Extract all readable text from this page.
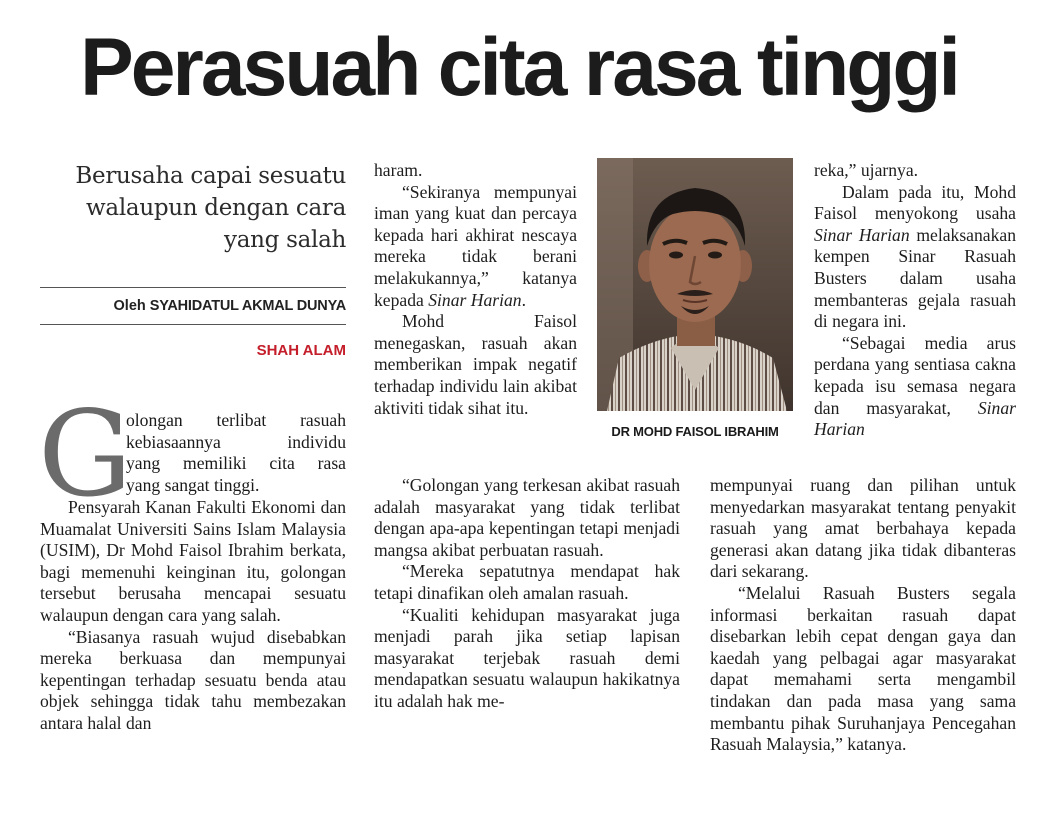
Perasuah cita rasa tinggi
Berusaha capai sesuatu
walaupun dengan cara
yang salah
Oleh SYAHIDATUL AKMAL DUNYA
SHAH ALAM
G
olongan terlibat rasuah
kebiasaannya individu
yang memiliki cita rasa
yang sangat tinggi.

Pensyarah Kanan Fakulti Ekonomi dan Muamalat Universiti Sains Islam Malaysia (USIM), Dr Mohd Faisol Ibrahim berkata, bagi memenuhi keinginan itu, golongan tersebut berusaha mencapai sesuatu walaupun dengan cara yang salah.

“Biasanya rasuah wujud disebabkan mereka berkuasa dan mempunyai kepentingan terhadap sesuatu benda atau objek sehingga tidak tahu membezakan antara halal dan

haram.

“Sekiranya mempunyai iman yang kuat dan percaya kepada hari akhirat nescaya mereka tidak berani melakukannya,” katanya kepada Sinar Harian.

Mohd Faisol menegaskan, rasuah akan memberikan impak negatif terhadap individu lain akibat aktiviti tidak sihat itu.

“Golongan yang terkesan akibat rasuah adalah masyarakat yang tidak terlibat dengan apa-apa kepentingan tetapi menjadi mangsa akibat perbuatan rasuah.

“Mereka sepatutnya mendapat hak tetapi dinafikan oleh amalan rasuah.

“Kualiti kehidupan masyarakat juga menjadi parah jika setiap lapisan masyarakat terjebak rasuah demi mendapatkan sesuatu walaupun hakikatnya itu adalah hak me-

DR MOHD FAISOL IBRAHIM

reka,” ujarnya.

Dalam pada itu, Mohd Faisol menyokong usaha Sinar Harian melaksanakan kempen Sinar Rasuah Busters dalam usaha membanteras gejala rasuah di negara ini.

“Sebagai media arus perdana yang sentiasa cakna kepada isu semasa negara dan masyarakat, Sinar Harian

mempunyai ruang dan pilihan untuk menyedarkan masyarakat tentang penyakit rasuah yang amat berbahaya kepada generasi akan datang jika tidak dibanteras dari sekarang.

“Melalui Rasuah Busters segala informasi berkaitan rasuah dapat disebarkan lebih cepat dengan gaya dan kaedah yang pelbagai agar masyarakat dapat memahami serta mengambil tindakan dan pada masa yang sama membantu pihak Suruhanjaya Pencegahan Rasuah Malaysia,” katanya.
